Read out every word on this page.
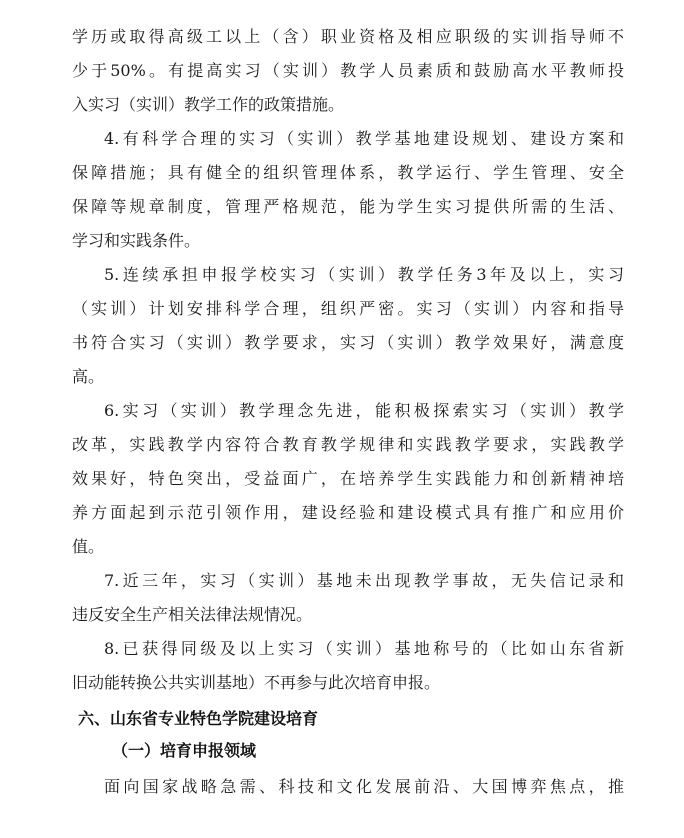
学历或取得高级工以上（含）职业资格及相应职级的实训指导师不
少于50%。有提高实习（实训）教学人员素质和鼓励高水平教师投
入实习（实训）教学工作的政策措施。
4.有科学合理的实习（实训）教学基地建设规划、建设方案和
保障措施；具有健全的组织管理体系，教学运行、学生管理、安全
保障等规章制度，管理严格规范，能为学生实习提供所需的生活、
学习和实践条件。
5.连续承担申报学校实习（实训）教学任务3年及以上，实习
（实训）计划安排科学合理，组织严密。实习（实训）内容和指导
书符合实习（实训）教学要求，实习（实训）教学效果好，满意度
高。
6.实习（实训）教学理念先进，能积极探索实习（实训）教学
改革，实践教学内容符合教育教学规律和实践教学要求，实践教学
效果好，特色突出，受益面广，在培养学生实践能力和创新精神培
养方面起到示范引领作用，建设经验和建设模式具有推广和应用价
值。
7.近三年，实习（实训）基地未出现教学事故，无失信记录和
违反安全生产相关法律法规情况。
8.已获得同级及以上实习（实训）基地称号的（比如山东省新
旧动能转换公共实训基地）不再参与此次培育申报。
六、山东省专业特色学院建设培育
（一）培育申报领域
面向国家战略急需、科技和文化发展前沿、大国博弈焦点，推
